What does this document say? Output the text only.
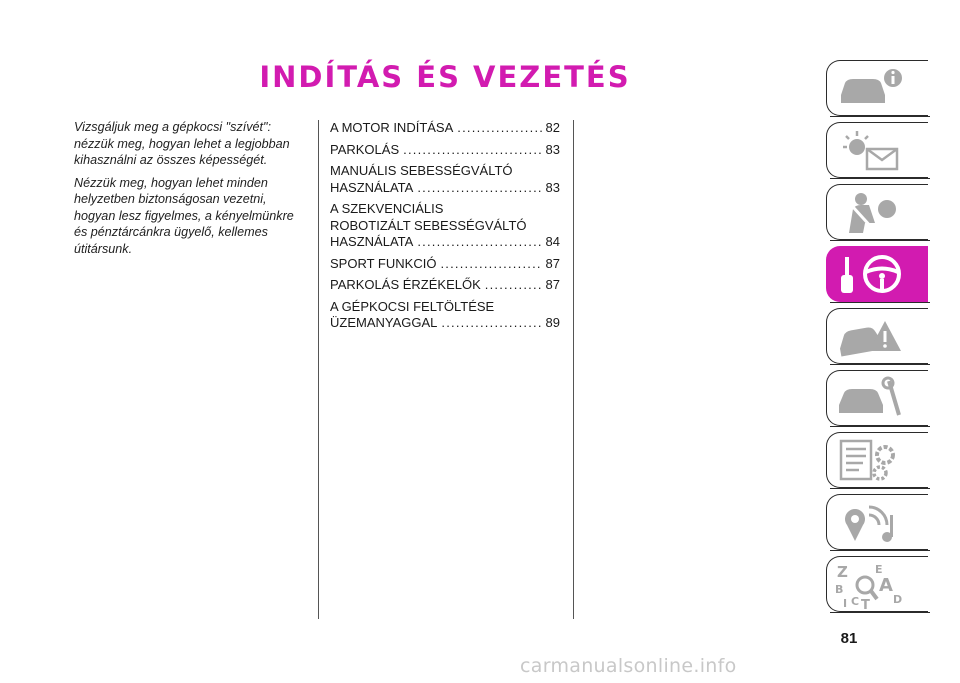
INDÍTÁS ÉS VEZETÉS

Vizsgáljuk meg a gépkocsi "szívét": nézzük meg, hogyan lehet a legjobban kihasználni az összes képességét.

Nézzük meg, hogyan lehet minden helyzetben biztonságosan vezetni, hogyan lesz figyelmes, a kényelmünkre és pénztárcánkra ügyelő, kellemes útitársunk.

A MOTOR INDÍTÁSA . . .	82
PARKOLÁS . . .	83
MANUÁLIS SEBESSÉGVÁLTÓ
HASZNÁLATA . . .	83
A SZEKVENCIÁLIS
ROBOTIZÁLT SEBESSÉGVÁLTÓ
HASZNÁLATA . . .	84
SPORT FUNKCIÓ . . .	87
PARKOLÁS ÉRZÉKELŐK . . .	87
A GÉPKOCSI FELTÖLTÉSE
ÜZEMANYAGGAL . . .	89
Z E
B A
I C T D
81
carmanualsonline.info
